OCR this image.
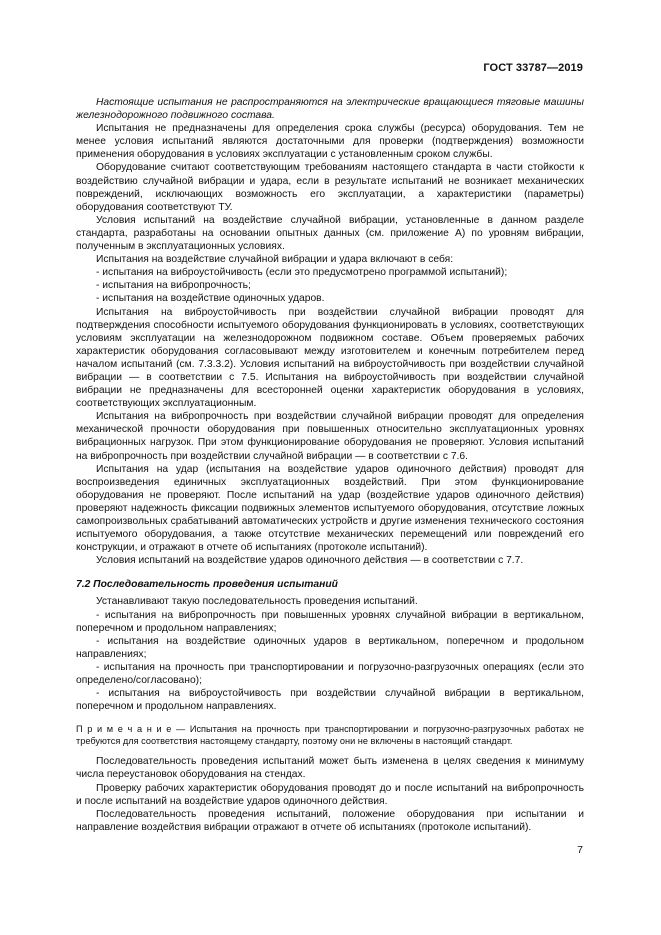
ГОСТ 33787—2019

Настоящие испытания не распространяются на электрические вращающиеся тяговые машины железнодорожного подвижного состава.

Испытания не предназначены для определения срока службы (ресурса) оборудования. Тем не менее условия испытаний являются достаточными для проверки (подтверждения) возможности применения оборудования в условиях эксплуатации с установленным сроком службы.

Оборудование считают соответствующим требованиям настоящего стандарта в части стойкости к воздействию случайной вибрации и удара, если в результате испытаний не возникает механических повреждений, исключающих возможность его эксплуатации, а характеристики (параметры) оборудования соответствуют ТУ.

Условия испытаний на воздействие случайной вибрации, установленные в данном разделе стандарта, разработаны на основании опытных данных (см. приложение А) по уровням вибрации, полученным в эксплуатационных условиях.

Испытания на воздействие случайной вибрации и удара включают в себя:

- испытания на виброустойчивость (если это предусмотрено программой испытаний);

- испытания на вибропрочность;

- испытания на воздействие одиночных ударов.

Испытания на виброустойчивость при воздействии случайной вибрации проводят для подтверждения способности испытуемого оборудования функционировать в условиях, соответствующих условиям эксплуатации на железнодорожном подвижном составе. Объем проверяемых рабочих характеристик оборудования согласовывают между изготовителем и конечным потребителем перед началом испытаний (см. 7.3.3.2). Условия испытаний на виброустойчивость при воздействии случайной вибрации — в соответствии с 7.5. Испытания на виброустойчивость при воздействии случайной вибрации не предназначены для всесторонней оценки характеристик оборудования в условиях, соответствующих эксплуатационным.

Испытания на вибропрочность при воздействии случайной вибрации проводят для определения механической прочности оборудования при повышенных относительно эксплуатационных уровнях вибрационных нагрузок. При этом функционирование оборудования не проверяют. Условия испытаний на вибропрочность при воздействии случайной вибрации — в соответствии с 7.6.

Испытания на удар (испытания на воздействие ударов одиночного действия) проводят для воспроизведения единичных эксплуатационных воздействий. При этом функционирование оборудования не проверяют. После испытаний на удар (воздействие ударов одиночного действия) проверяют надежность фиксации подвижных элементов испытуемого оборудования, отсутствие ложных самопроизвольных срабатываний автоматических устройств и другие изменения технического состояния испытуемого оборудования, а также отсутствие механических перемещений или повреждений его конструкции, и отражают в отчете об испытаниях (протоколе испытаний).

Условия испытаний на воздействие ударов одиночного действия — в соответствии с 7.7.

7.2 Последовательность проведения испытаний

Устанавливают такую последовательность проведения испытаний.

- испытания на вибропрочность при повышенных уровнях случайной вибрации в вертикальном, поперечном и продольном направлениях;

- испытания на воздействие одиночных ударов в вертикальном, поперечном и продольном направлениях;

- испытания на прочность при транспортировании и погрузочно-разгрузочных операциях (если это определено/согласовано);

- испытания на виброустойчивость при воздействии случайной вибрации в вертикальном, поперечном и продольном направлениях.

П р и м е ч а н и е — Испытания на прочность при транспортировании и погрузочно-разгрузочных работах не требуются для соответствия настоящему стандарту, поэтому они не включены в настоящий стандарт.

Последовательность проведения испытаний может быть изменена в целях сведения к минимуму числа переустановок оборудования на стендах.

Проверку рабочих характеристик оборудования проводят до и после испытаний на вибропрочность и после испытаний на воздействие ударов одиночного действия.

Последовательность проведения испытаний, положение оборудования при испытании и направление воздействия вибрации отражают в отчете об испытаниях (протоколе испытаний).

7
